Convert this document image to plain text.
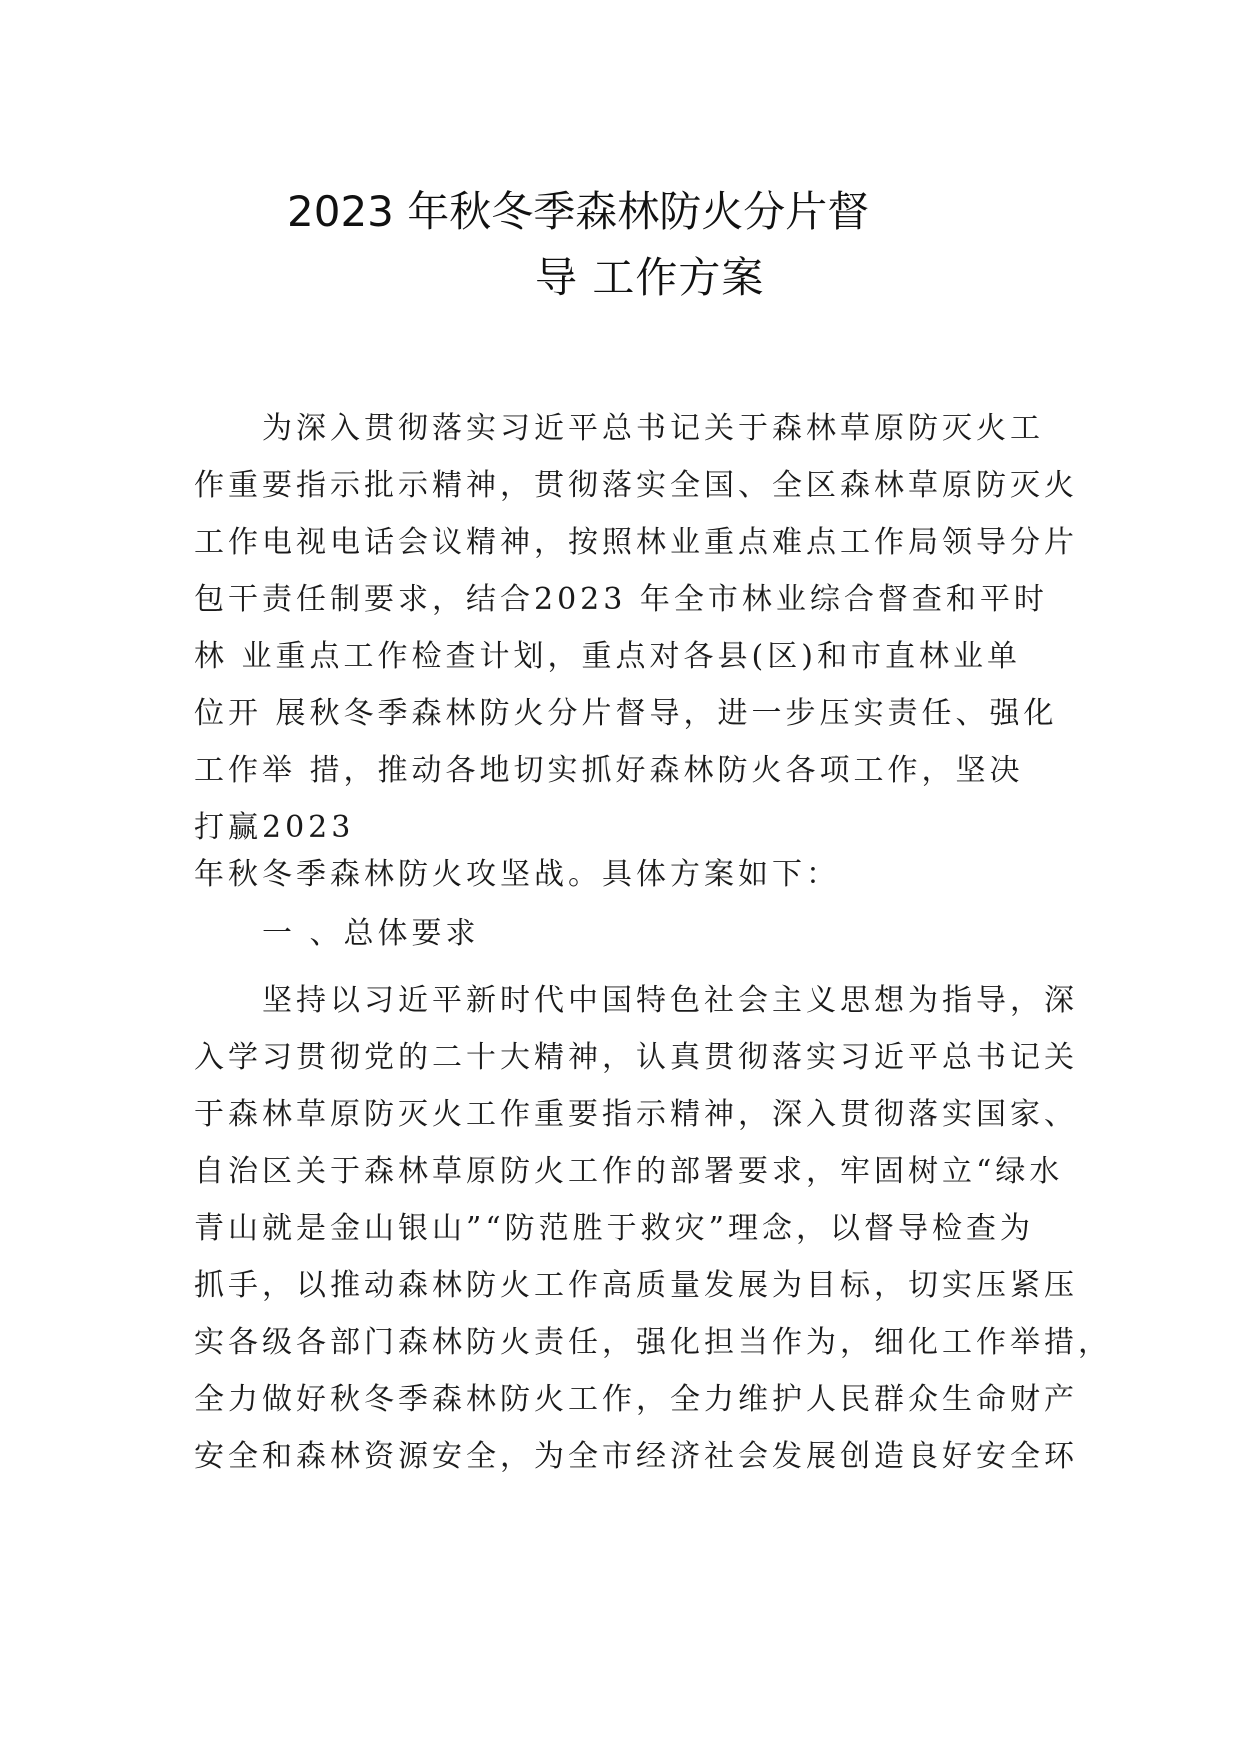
2023 年秋冬季森林防火分片督
导 工作方案
为深入贯彻落实习近平总书记关于森林草原防灭火工
作重要指示批示精神，贯彻落实全国、全区森林草原防灭火
工作电视电话会议精神，按照林业重点难点工作局领导分片
包干责任制要求，结合2023 年全市林业综合督查和平时
林 业重点工作检查计划，重点对各县(区)和市直林业单
位开 展秋冬季森林防火分片督导，进一步压实责任、强化
工作举 措，推动各地切实抓好森林防火各项工作，坚决
打赢2023
年秋冬季森林防火攻坚战。具体方案如下：
一 、总体要求
坚持以习近平新时代中国特色社会主义思想为指导，深
入学习贯彻党的二十大精神，认真贯彻落实习近平总书记关
于森林草原防灭火工作重要指示精神，深入贯彻落实国家、
自治区关于森林草原防火工作的部署要求，牢固树立“绿水
青山就是金山银山”“防范胜于救灾”理念，以督导检查为
抓手，以推动森林防火工作高质量发展为目标，切实压紧压
实各级各部门森林防火责任，强化担当作为，细化工作举措，
全力做好秋冬季森林防火工作，全力维护人民群众生命财产
安全和森林资源安全，为全市经济社会发展创造良好安全环
